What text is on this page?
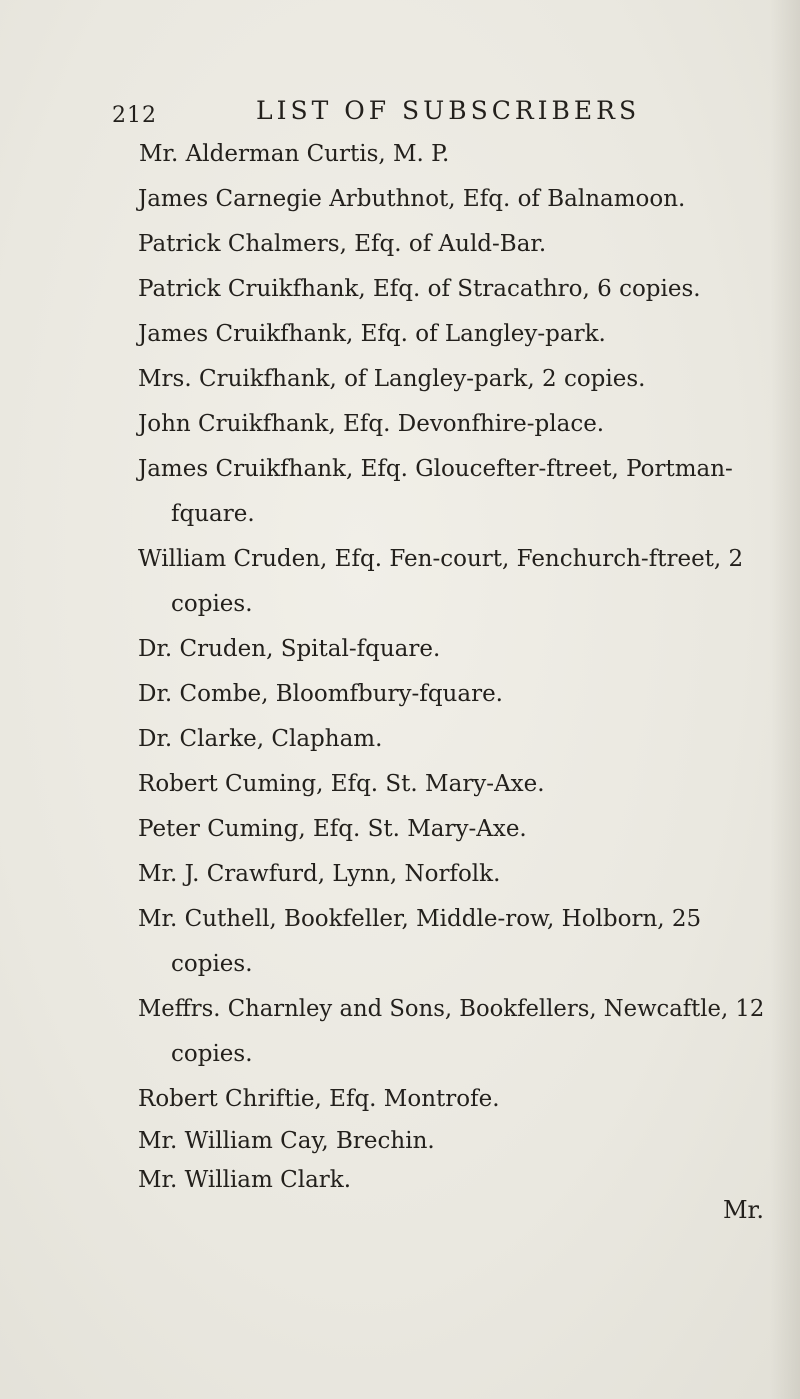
212	LIST OF SUBSCRIBERS
Mr. Alderman Curtis, M. P.
James Carnegie Arbuthnot, Efq. of Balnamoon.
Patrick Chalmers, Efq. of Auld-Bar.
Patrick Cruikfhank, Efq. of Stracathro, 6 copies.
James Cruikfhank, Efq. of Langley-park.
Mrs. Cruikfhank, of Langley-park, 2 copies.
John Cruikfhank, Efq. Devonfhire-place.
James Cruikfhank, Efq. Gloucefter-ftreet, Portman-
fquare.
William Cruden, Efq. Fen-court, Fenchurch-ftreet, 2
copies.
Dr. Cruden, Spital-fquare.
Dr. Combe, Bloomfbury-fquare.
Dr. Clarke, Clapham.
Robert Cuming, Efq. St. Mary-Axe.
Peter Cuming, Efq. St. Mary-Axe.
Mr. J. Crawfurd, Lynn, Norfolk.
Mr. Cuthell, Bookfeller, Middle-row, Holborn, 25
copies.
Meffrs. Charnley and Sons, Bookfellers, Newcaftle, 12
copies.
Robert Chriftie, Efq. Montrofe.
Mr. William Cay, Brechin.
Mr. William Clark.
Mr.
